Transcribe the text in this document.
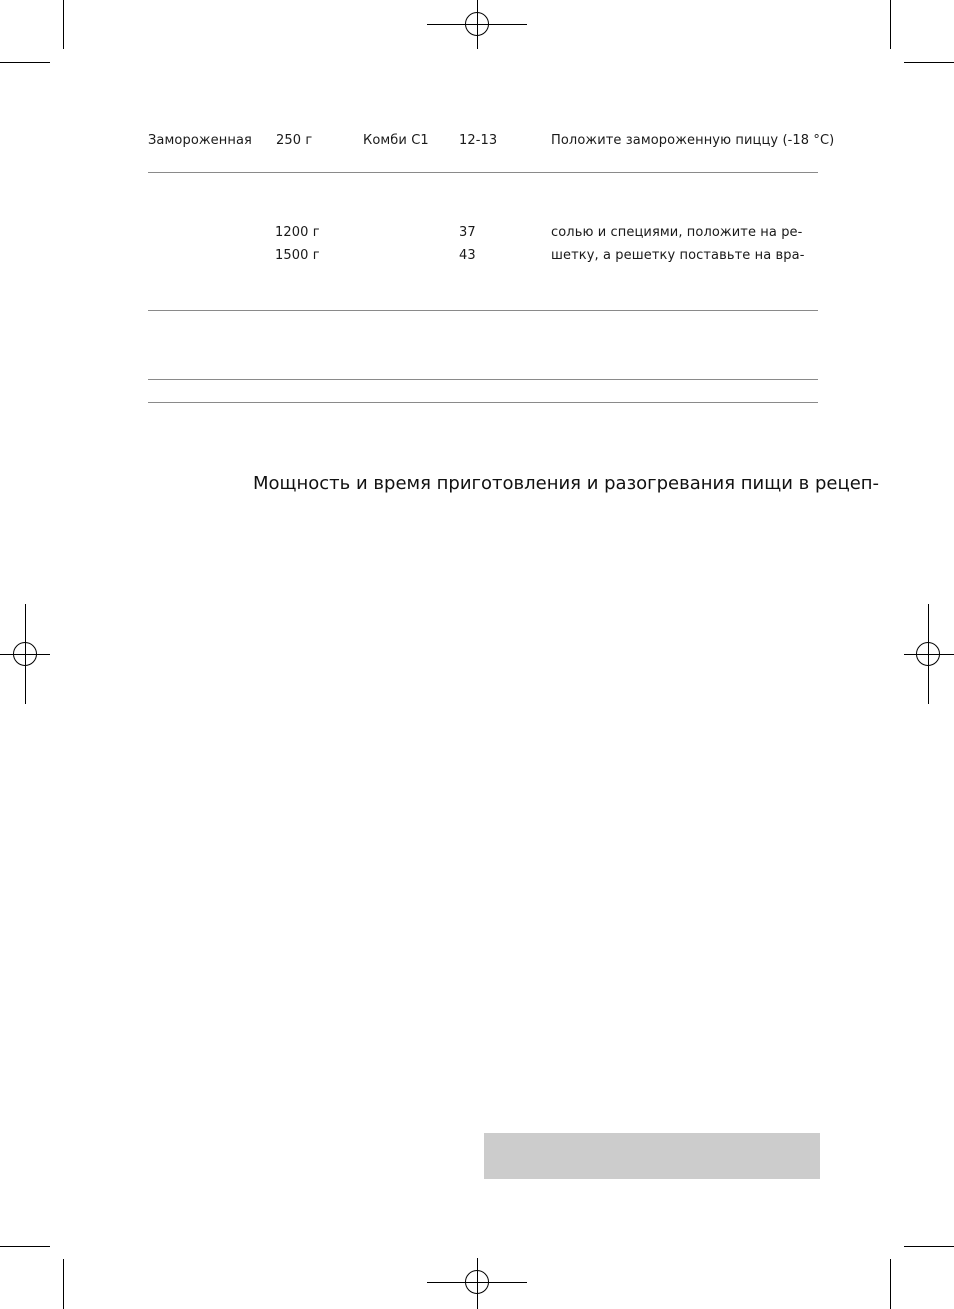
Замороженная 250 г	Комби С1 12-13	Положите замороженную пиццу (-18 °С)
1200 г
1500 г
37
43
солью и специями, положите на ре-
шетку, а решетку поставьте на вра-
Мощность и время приготовления и разогревания пищи в рецеп-
